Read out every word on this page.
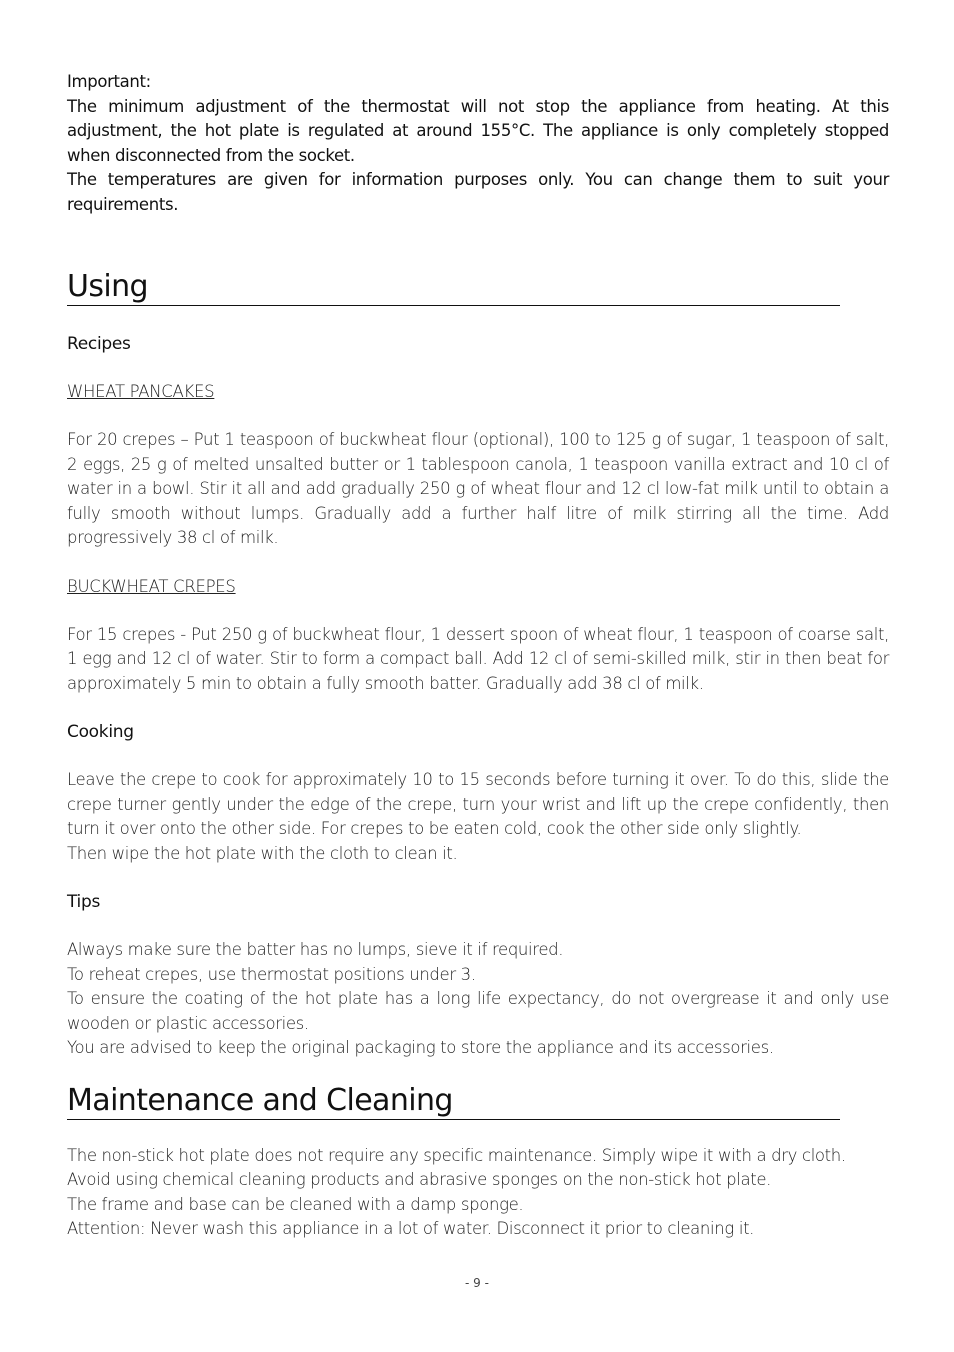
Important:

The minimum adjustment of the thermostat will not stop the appliance from heating. At this adjustment, the hot plate is regulated at around 155°C. The appliance is only completely stopped when disconnected from the socket.

The temperatures are given for information purposes only. You can change them to suit your requirements.

Using

Recipes

WHEAT PANCAKES

For 20 crepes – Put 1 teaspoon of buckwheat flour (optional), 100 to 125 g of sugar, 1 teaspoon of salt, 2 eggs, 25 g of melted unsalted butter or 1 tablespoon canola, 1 teaspoon vanilla extract and 10 cl of water in a bowl. Stir it all and add gradually 250 g of wheat flour and 12 cl low-fat milk until to obtain a fully smooth without lumps. Gradually add a further half litre of milk stirring all the time. Add progressively 38 cl of milk.

BUCKWHEAT CREPES

For 15 crepes - Put 250 g of buckwheat flour, 1 dessert spoon of wheat flour, 1 teaspoon of coarse salt, 1 egg and 12 cl of water. Stir to form a compact ball. Add 12 cl of semi-skilled milk, stir in then beat for approximately 5 min to obtain a fully smooth batter. Gradually add 38 cl of milk.

Cooking

Leave the crepe to cook for approximately 10 to 15 seconds before turning it over. To do this, slide the crepe turner gently under the edge of the crepe, turn your wrist and lift up the crepe confidently, then turn it over onto the other side. For crepes to be eaten cold, cook the other side only slightly.

Then wipe the hot plate with the cloth to clean it.

Tips

Always make sure the batter has no lumps, sieve it if required.

To reheat crepes, use thermostat positions under 3.

To ensure the coating of the hot plate has a long life expectancy, do not overgrease it and only use wooden or plastic accessories.

You are advised to keep the original packaging to store the appliance and its accessories.

Maintenance and Cleaning

The non-stick hot plate does not require any specific maintenance. Simply wipe it with a dry cloth.

Avoid using chemical cleaning products and abrasive sponges on the non-stick hot plate.

The frame and base can be cleaned with a damp sponge.

Attention: Never wash this appliance in a lot of water. Disconnect it prior to cleaning it.

- 9 -
